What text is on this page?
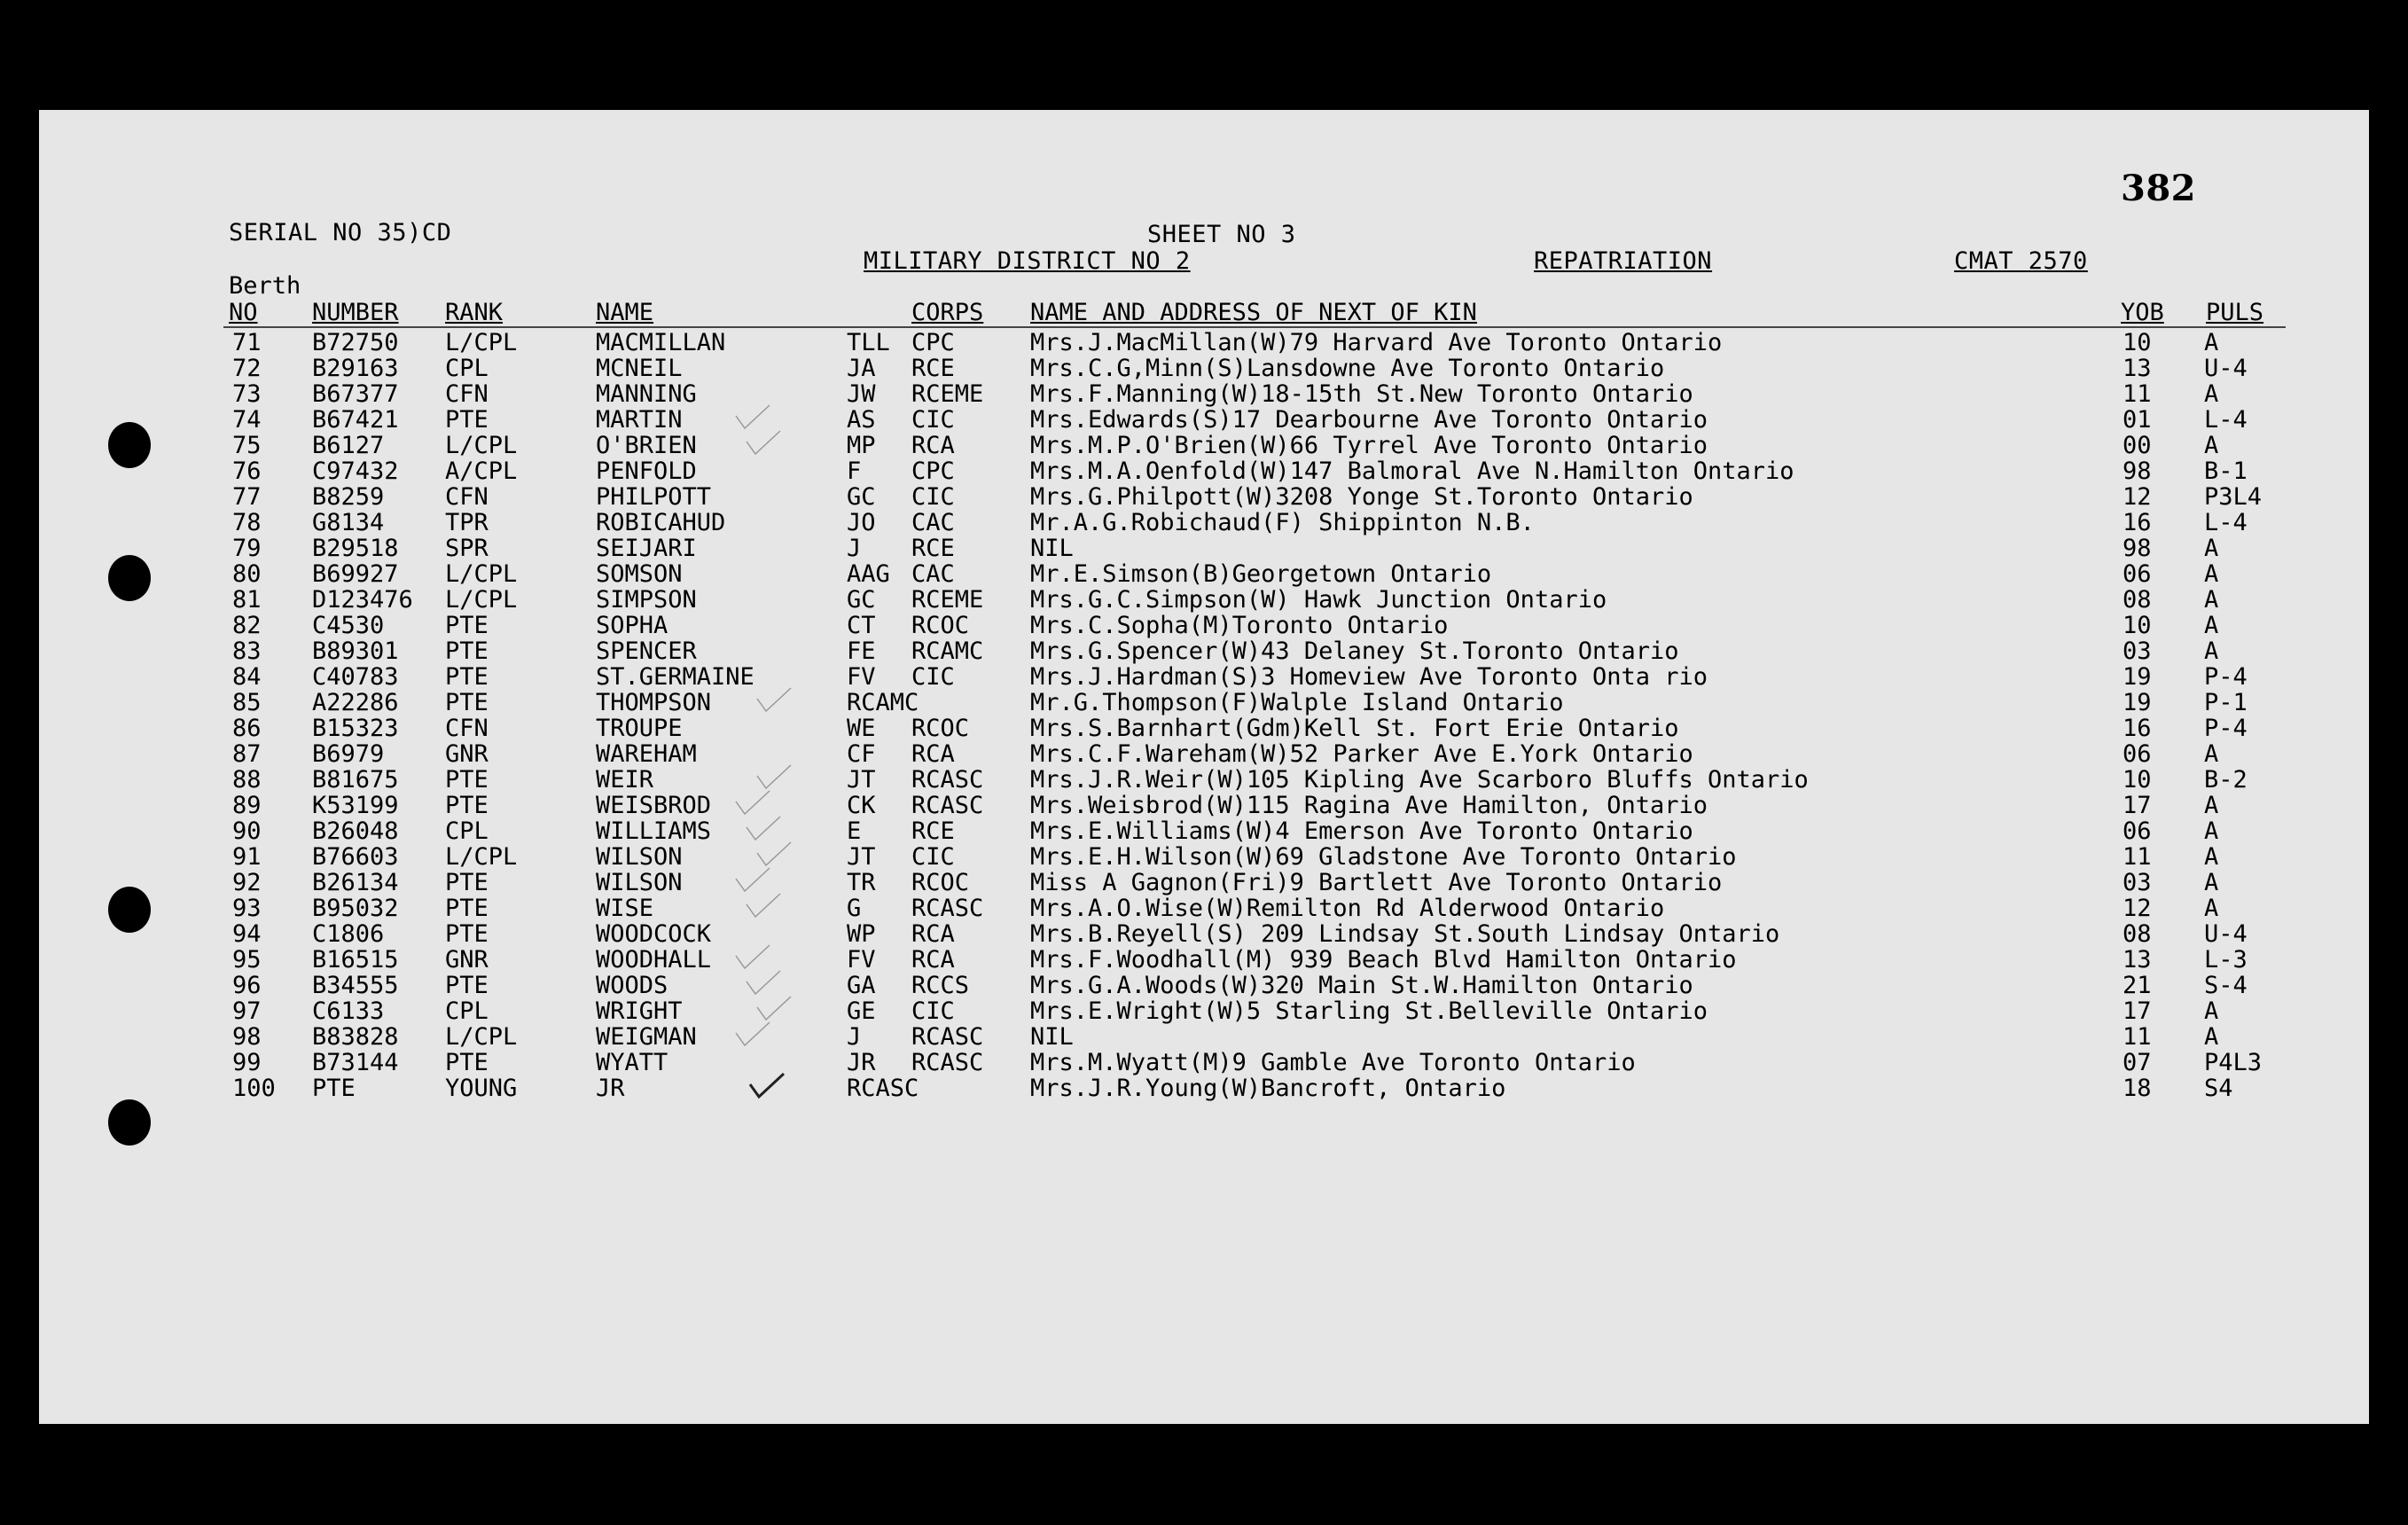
382
SERIAL NO 35)CD	SHEET NO 3
MILITARY DISTRICT NO 2	REPATRIATION	CMAT 2570
Berth
NO NUMBER RANK	NAME	CORPS NAME AND ADDRESS OF NEXT OF KIN	YOB PULS
71 B72750 L/CPL	MACMILLAN	TLL CPC	Mrs.J.MacMillan(W)79 Harvard Ave Toronto Ontario	10 A
72 B29163 CPL	MCNEIL	JA RCE	Mrs.C.G,Minn(S)Lansdowne Ave Toronto Ontario	13 U-4
73 B67377 CFN	MANNING	JW RCEME Mrs.F.Manning(W)18-15th St.New Toronto Ontario	11 A
74 B67421 PTE	MARTIN	AS CIC	Mrs.Edwards(S)17 Dearbourne Ave Toronto Ontario	01 L-4
75 B6127	L/CPL	O'BRIEN	MP RCA	Mrs.M.P.O'Brien(W)66 Tyrrel Ave Toronto Ontario	00 A
76 C97432 A/CPL	PENFOLD	F CPC	Mrs.M.A.Oenfold(W)147 Balmoral Ave N.Hamilton Ontario	98 B-1
77 B8259	CFN	PHILPOTT	GC CIC	Mrs.G.Philpott(W)3208 Yonge St.Toronto Ontario	12 P3L4
78 G8134	TPR	ROBICAHUD	JO CAC	Mr.A.G.Robichaud(F) Shippinton N.B.	16 L-4
79 B29518 SPR	SEIJARI	J RCE	NIL	98 A
80 B69927 L/CPL	SOMSON	AAG CAC	Mr.E.Simson(B)Georgetown Ontario	06 A
81 D123476 L/CPL	SIMPSON	GC RCEME Mrs.G.C.Simpson(W) Hawk Junction Ontario	08 A
82 C4530	PTE	SOPHA	CT RCOC	Mrs.C.Sopha(M)Toronto Ontario	10 A
83 B89301 PTE	SPENCER	FE RCAMC Mrs.G.Spencer(W)43 Delaney St.Toronto Ontario	03 A
84 C40783 PTE	ST.GERMAINE	FV CIC	Mrs.J.Hardman(S)3 Homeview Ave Toronto Onta rio	19 P-4
85 A22286 PTE	THOMPSON	RCAMC	Mr.G.Thompson(F)Walple Island Ontario	19 P-1
86 B15323 CFN	TROUPE	WE RCOC	Mrs.S.Barnhart(Gdm)Kell St. Fort Erie Ontario	16 P-4
87 B6979	GNR	WAREHAM	CF RCA	Mrs.C.F.Wareham(W)52 Parker Ave E.York Ontario	06 A
88 B81675 PTE	WEIR	JT RCASC Mrs.J.R.Weir(W)105 Kipling Ave Scarboro Bluffs Ontario	10 B-2
89 K53199 PTE	WEISBROD	CK RCASC Mrs.Weisbrod(W)115 Ragina Ave Hamilton, Ontario	17 A
90 B26048 CPL	WILLIAMS	E RCE	Mrs.E.Williams(W)4 Emerson Ave Toronto Ontario	06 A
91 B76603 L/CPL	WILSON	JT CIC	Mrs.E.H.Wilson(W)69 Gladstone Ave Toronto Ontario	11 A
92 B26134 PTE	WILSON	TR RCOC	Miss A Gagnon(Fri)9 Bartlett Ave Toronto Ontario	03 A
93 B95032 PTE	WISE	G RCASC Mrs.A.O.Wise(W)Remilton Rd Alderwood Ontario	12 A
94 C1806	PTE	WOODCOCK	WP RCA	Mrs.B.Reyell(S) 209 Lindsay St.South Lindsay Ontario	08 U-4
95 B16515 GNR	WOODHALL	FV RCA	Mrs.F.Woodhall(M) 939 Beach Blvd Hamilton Ontario	13 L-3
96 B34555 PTE	WOODS	GA RCCS	Mrs.G.A.Woods(W)320 Main St.W.Hamilton Ontario	21 S-4
97 C6133	CPL	WRIGHT	GE CIC	Mrs.E.Wright(W)5 Starling St.Belleville Ontario	17 A
98 B83828 L/CPL	WEIGMAN	J RCASC NIL	11 A
99 B73144 PTE	WYATT	JR RCASC Mrs.M.Wyatt(M)9 Gamble Ave Toronto Ontario	07 P4L3
100 PTE	YOUNG	JR	RCASC	Mrs.J.R.Young(W)Bancroft, Ontario	18 S4
